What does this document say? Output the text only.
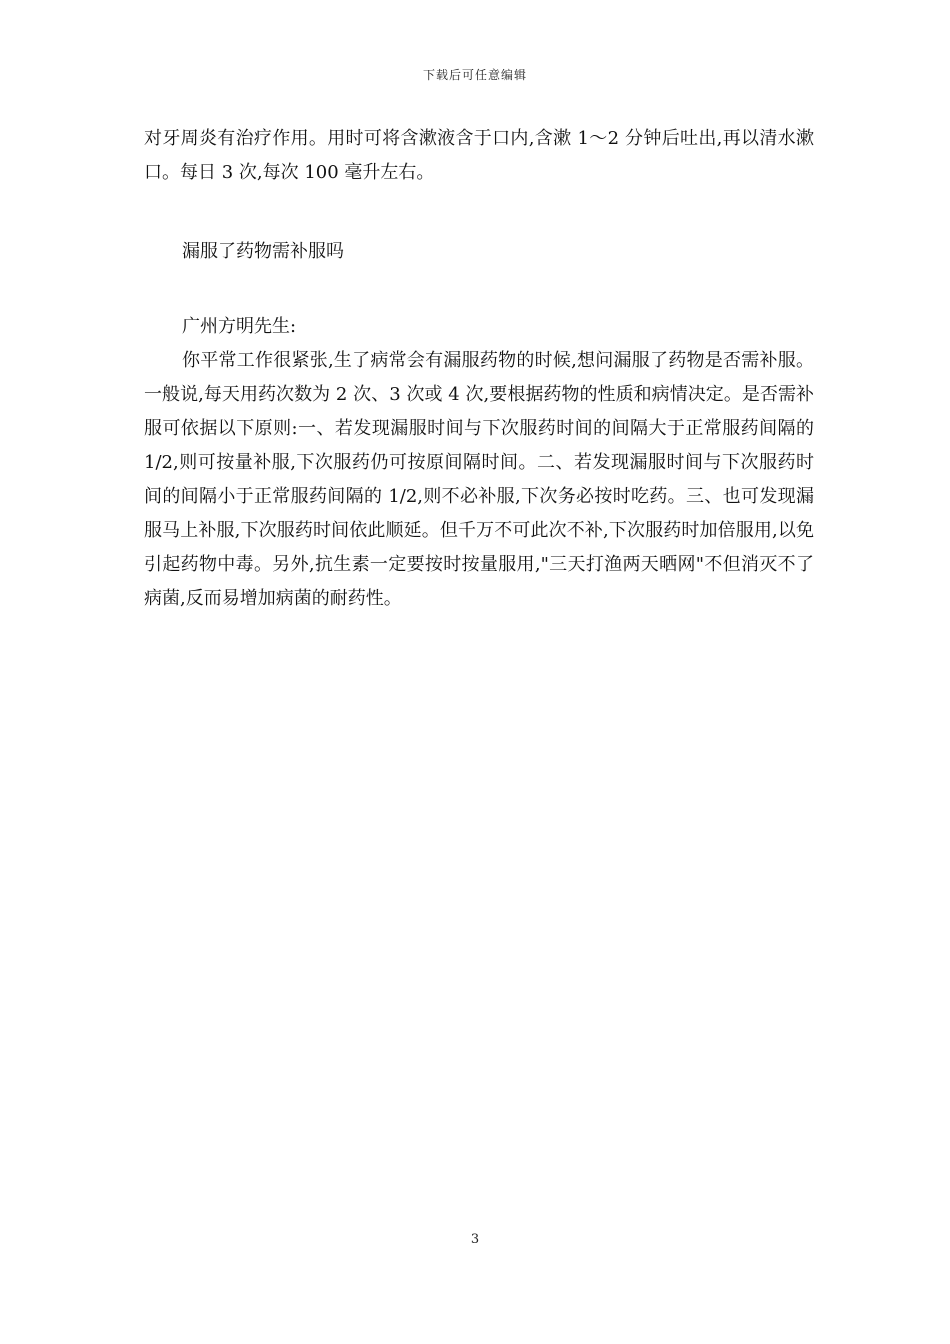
下载后可任意编辑

对牙周炎有治疗作用。用时可将含漱液含于口内,含漱 1～2 分钟后吐出,再以清水漱口。每日 3 次,每次 100 毫升左右。

漏服了药物需补服吗

广州方明先生:

你平常工作很紧张,生了病常会有漏服药物的时候,想问漏服了药物是否需补服。一般说,每天用药次数为 2 次、3 次或 4 次,要根据药物的性质和病情决定。是否需补服可依据以下原则:一、若发现漏服时间与下次服药时间的间隔大于正常服药间隔的 1/2,则可按量补服,下次服药仍可按原间隔时间。二、若发现漏服时间与下次服药时间的间隔小于正常服药间隔的 1/2,则不必补服,下次务必按时吃药。三、也可发现漏服马上补服,下次服药时间依此顺延。但千万不可此次不补,下次服药时加倍服用,以免引起药物中毒。另外,抗生素一定要按时按量服用,"三天打渔两天晒网"不但消灭不了病菌,反而易增加病菌的耐药性。

3
